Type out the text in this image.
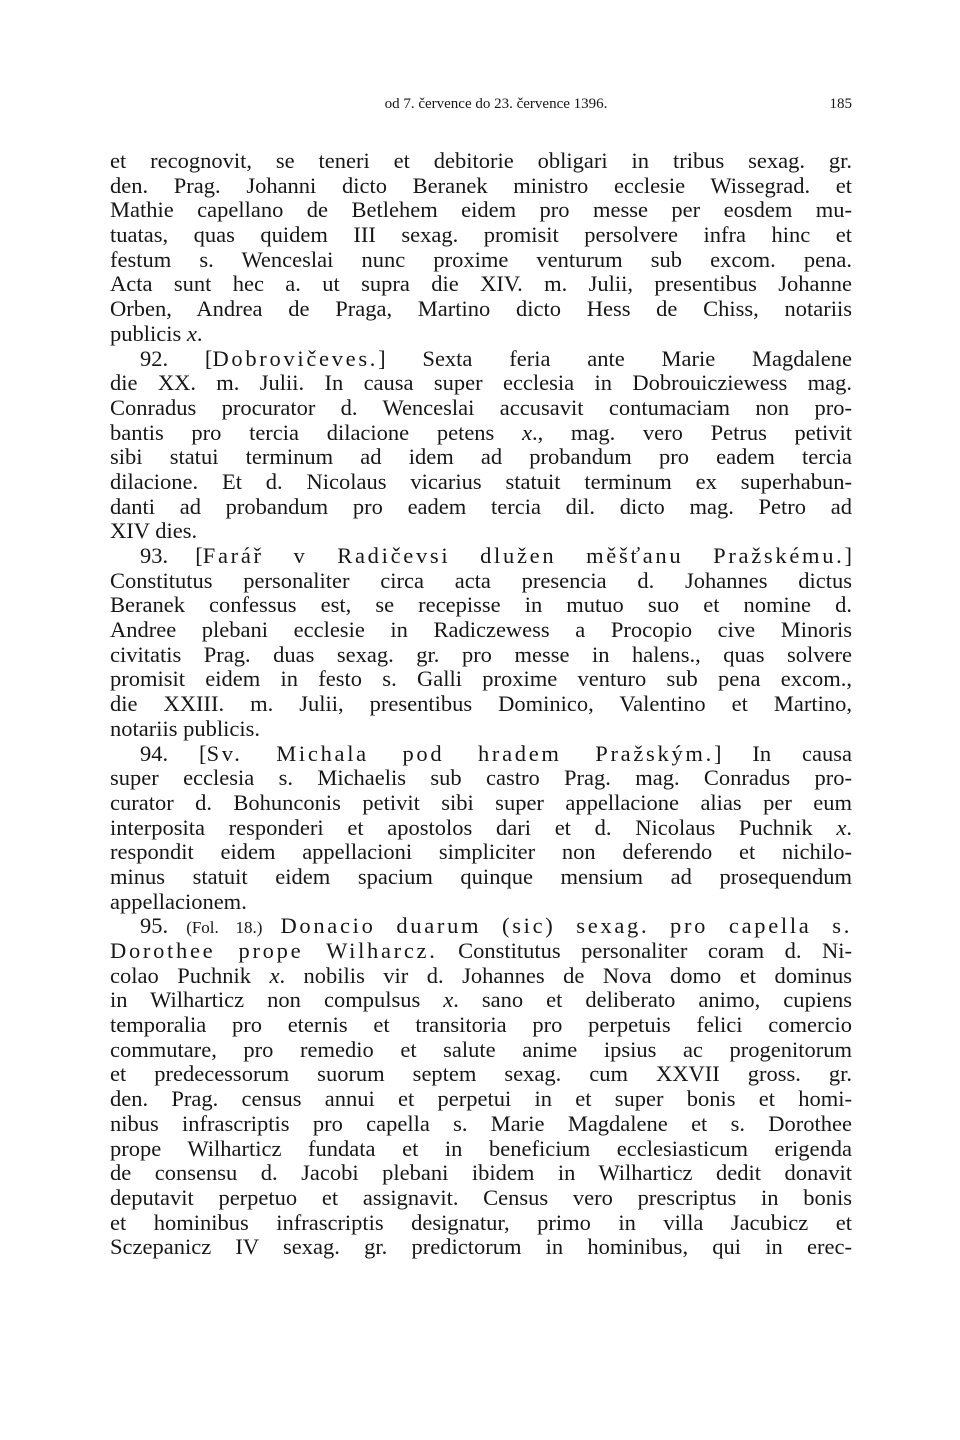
od 7. července do 23. července 1396.	185
et recognovit, se teneri et debitorie obligari in tribus sexag. gr.
den. Prag. Johanni dicto Beranek ministro ecclesie Wissegrad. et
Mathie capellano de Betlehem eidem pro messe per eosdem mu-
tuatas, quas quidem III sexag. promisit persolvere infra hinc et
festum s. Wenceslai nunc proxime venturum sub excom. pena.
Acta sunt hec a. ut supra die XIV. m. Julii, presentibus Johanne
Orben, Andrea de Praga, Martino dicto Hess de Chiss, notariis
publicis x.
92. [Dobrovičeves.] Sexta feria ante Marie Magdalene
die XX. m. Julii. In causa super ecclesia in Dobrouicziewess mag.
Conradus procurator d. Wenceslai accusavit contumaciam non pro-
bantis pro tercia dilacione petens x., mag. vero Petrus petivit
sibi statui terminum ad idem ad probandum pro eadem tercia
dilacione. Et d. Nicolaus vicarius statuit terminum ex superhabun-
danti ad probandum pro eadem tercia dil. dicto mag. Petro ad
XIV dies.
93. [Farář v Radičevsi dlužen měšťanu Pražskému.]
Constitutus personaliter circa acta presencia d. Johannes dictus
Beranek confessus est, se recepisse in mutuo suo et nomine d.
Andree plebani ecclesie in Radiczewess a Procopio cive Minoris
civitatis Prag. duas sexag. gr. pro messe in halens., quas solvere
promisit eidem in festo s. Galli proxime venturo sub pena excom.,
die XXIII. m. Julii, presentibus Dominico, Valentino et Martino,
notariis publicis.
94. [Sv. Michala pod hradem Pražským.] In causa
super ecclesia s. Michaelis sub castro Prag. mag. Conradus pro-
curator d. Bohunconis petivit sibi super appellacione alias per eum
interposita responderi et apostolos dari et d. Nicolaus Puchnik x.
respondit eidem appellacioni simpliciter non deferendo et nichilo-
minus statuit eidem spacium quinque mensium ad prosequendum
appellacionem.
95. (Fol. 18.) Donacio duarum (sic) sexag. pro capella s.
Dorothee prope Wilharcz. Constitutus personaliter coram d. Ni-
colao Puchnik x. nobilis vir d. Johannes de Nova domo et dominus
in Wilharticz non compulsus x. sano et deliberato animo, cupiens
temporalia pro eternis et transitoria pro perpetuis felici comercio
commutare, pro remedio et salute anime ipsius ac progenitorum
et predecessorum suorum septem sexag. cum XXVII gross. gr.
den. Prag. census annui et perpetui in et super bonis et homi-
nibus infrascriptis pro capella s. Marie Magdalene et s. Dorothee
prope Wilharticz fundata et in beneficium ecclesiasticum erigenda
de consensu d. Jacobi plebani ibidem in Wilharticz dedit donavit
deputavit perpetuo et assignavit. Census vero prescriptus in bonis
et hominibus infrascriptis designatur, primo in villa Jacubicz et
Sczepanicz IV sexag. gr. predictorum in hominibus, qui in erec-
